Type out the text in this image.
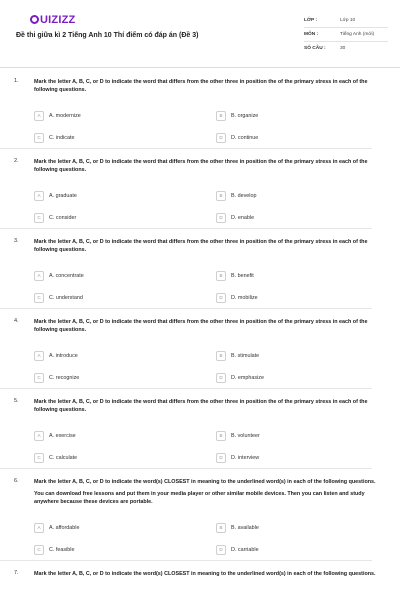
UIZIZZ
Đề thi giữa kì 2 Tiếng Anh 10 Thí điểm có đáp án (Đề 3)
LỚP :	Lớp 10
MÔN :	Tiếng Anh (mới)
SỐ CÂU :	30
1.	Mark the letter A, B, C, or D to indicate the word that differs from the other three in position the of the primary stress in each of the following questions.
A	A. modernize	B	B. organize
C	C. indicate	D	D. continue
2.	Mark the letter A, B, C, or D to indicate the word that differs from the other three in position the of the primary stress in each of the following questions.
A	A. graduate	B	B. develop
C	C. consider	D	D. enable
3.	Mark the letter A, B, C, or D to indicate the word that differs from the other three in position the of the primary stress in each of the following questions.
A	A. concentrate	B	B. benefit
C	C. understand	D	D. mobilize
4.	Mark the letter A, B, C, or D to indicate the word that differs from the other three in position the of the primary stress in each of the following questions.
A	A. introduce	B	B. stimulate
C	C. recognize	D	D. emphasize
5.	Mark the letter A, B, C, or D to indicate the word that differs from the other three in position the of the primary stress in each of the following questions.
A	A. exercise	B	B. volunteer
C	C. calculate	D	D. interview
6.	Mark the letter A, B, C, or D to indicate the word(s) CLOSEST in meaning to the underlined word(s) in each of the following questions.
You can download free lessons and put them in your media player or other similar mobile devices. Then you can listen and study anywhere because these devices are portable.
A	A. affordable	B	B. available
C	C. feasible	D	D. carriable
7.	Mark the letter A, B, C, or D to indicate the word(s) CLOSEST in meaning to the underlined word(s) in each of the following questions.
